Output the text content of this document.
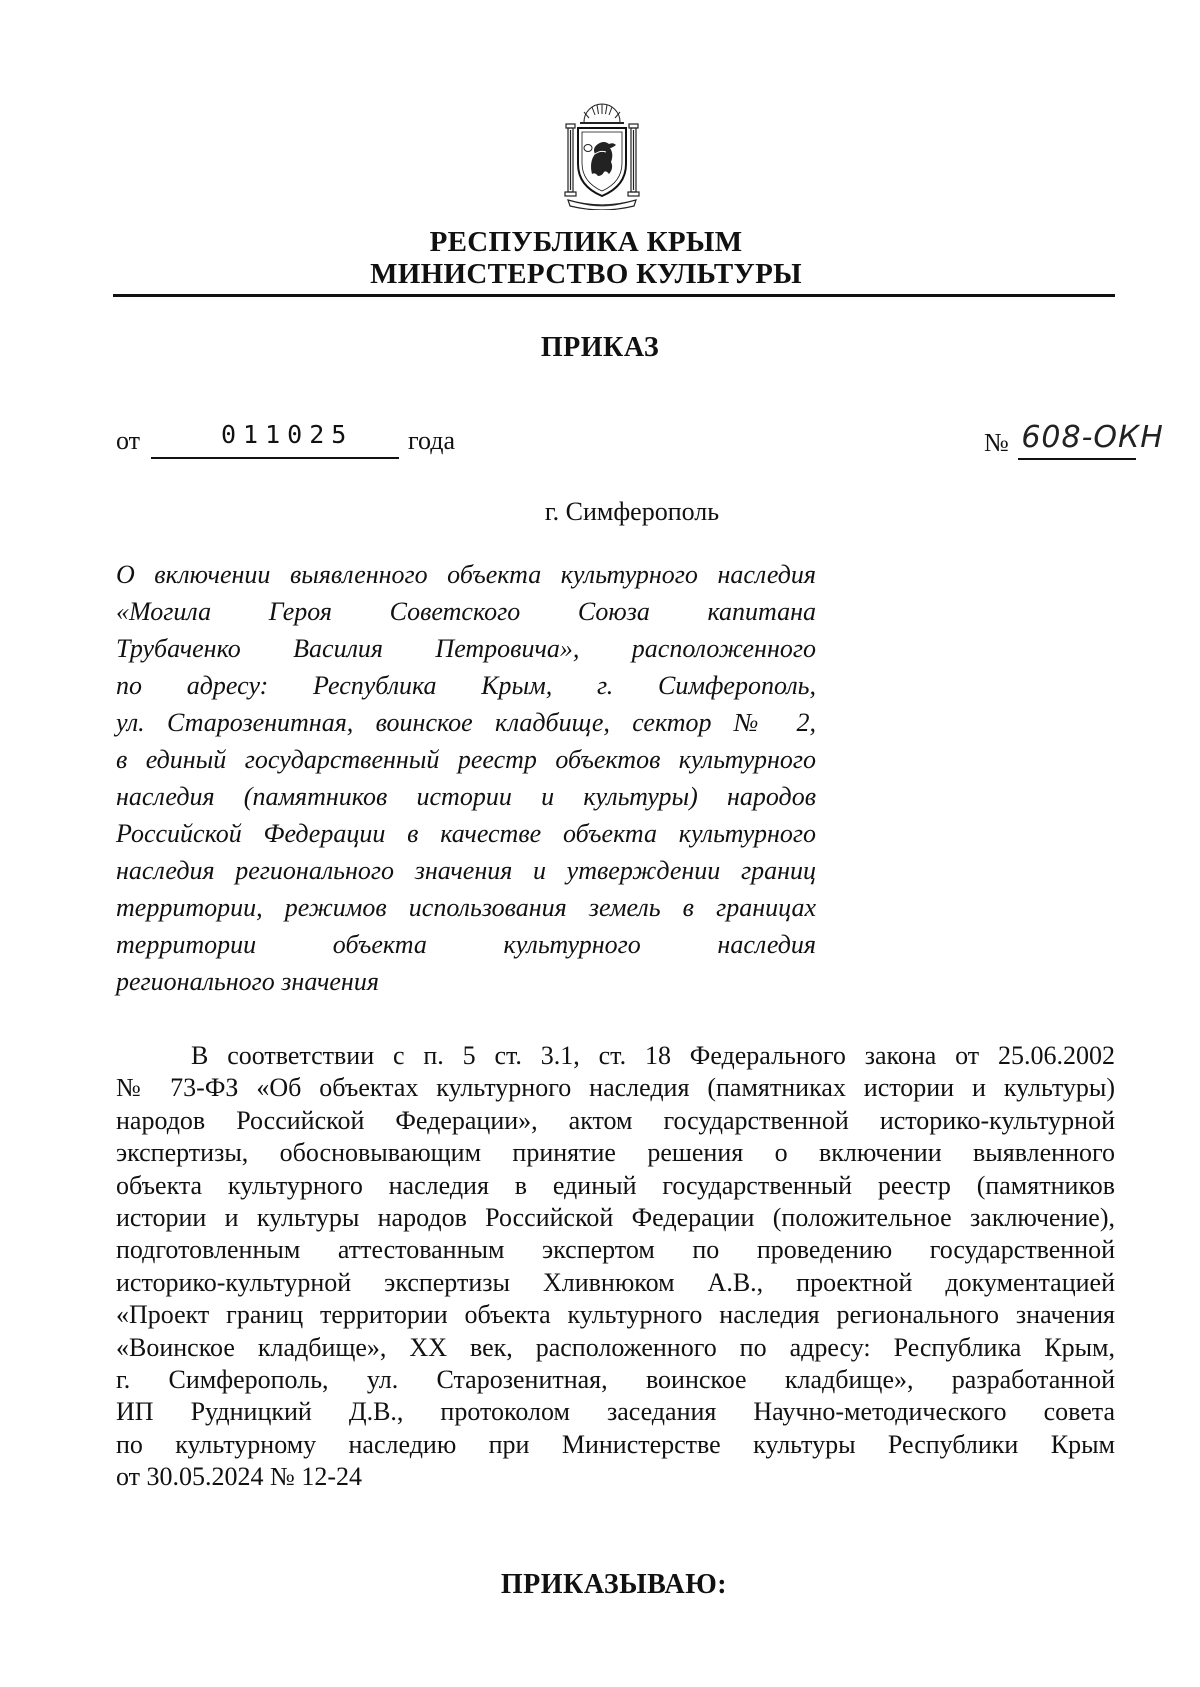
РЕСПУБЛИКА КРЫМ
МИНИСТЕРСТВО КУЛЬТУРЫ
ПРИКАЗ
от	011025 года	№ 608-ОКН
г. Симферополь
О включении выявленного объекта культурного наследия
«Могила Героя Советского Союза капитана
Трубаченко Василия Петровича», расположенного
по адресу: Республика Крым, г. Симферополь,
ул. Старозенитная, воинское кладбище, сектор № 2,
в единый государственный реестр объектов культурного
наследия (памятников истории и культуры) народов
Российской Федерации в качестве объекта культурного
наследия регионального значения и утверждении границ
территории, режимов использования земель в границах
территории объекта культурного наследия
регионального значения
В соответствии с п. 5 ст. 3.1, ст. 18 Федерального закона от 25.06.2002
№ 73-ФЗ «Об объектах культурного наследия (памятниках истории и культуры)
народов Российской Федерации», актом государственной историко-культурной
экспертизы, обосновывающим принятие решения о включении выявленного
объекта культурного наследия в единый государственный реестр (памятников
истории и культуры народов Российской Федерации (положительное заключение),
подготовленным аттестованным экспертом по проведению государственной
историко-культурной экспертизы Хливнюком А.В., проектной документацией
«Проект границ территории объекта культурного наследия регионального значения
«Воинское кладбище», XX век, расположенного по адресу: Республика Крым,
г. Симферополь, ул. Старозенитная, воинское кладбище», разработанной
ИП Рудницкий Д.В., протоколом заседания Научно-методического совета
по культурному наследию при Министерстве культуры Республики Крым
от 30.05.2024 № 12-24
ПРИКАЗЫВАЮ:
